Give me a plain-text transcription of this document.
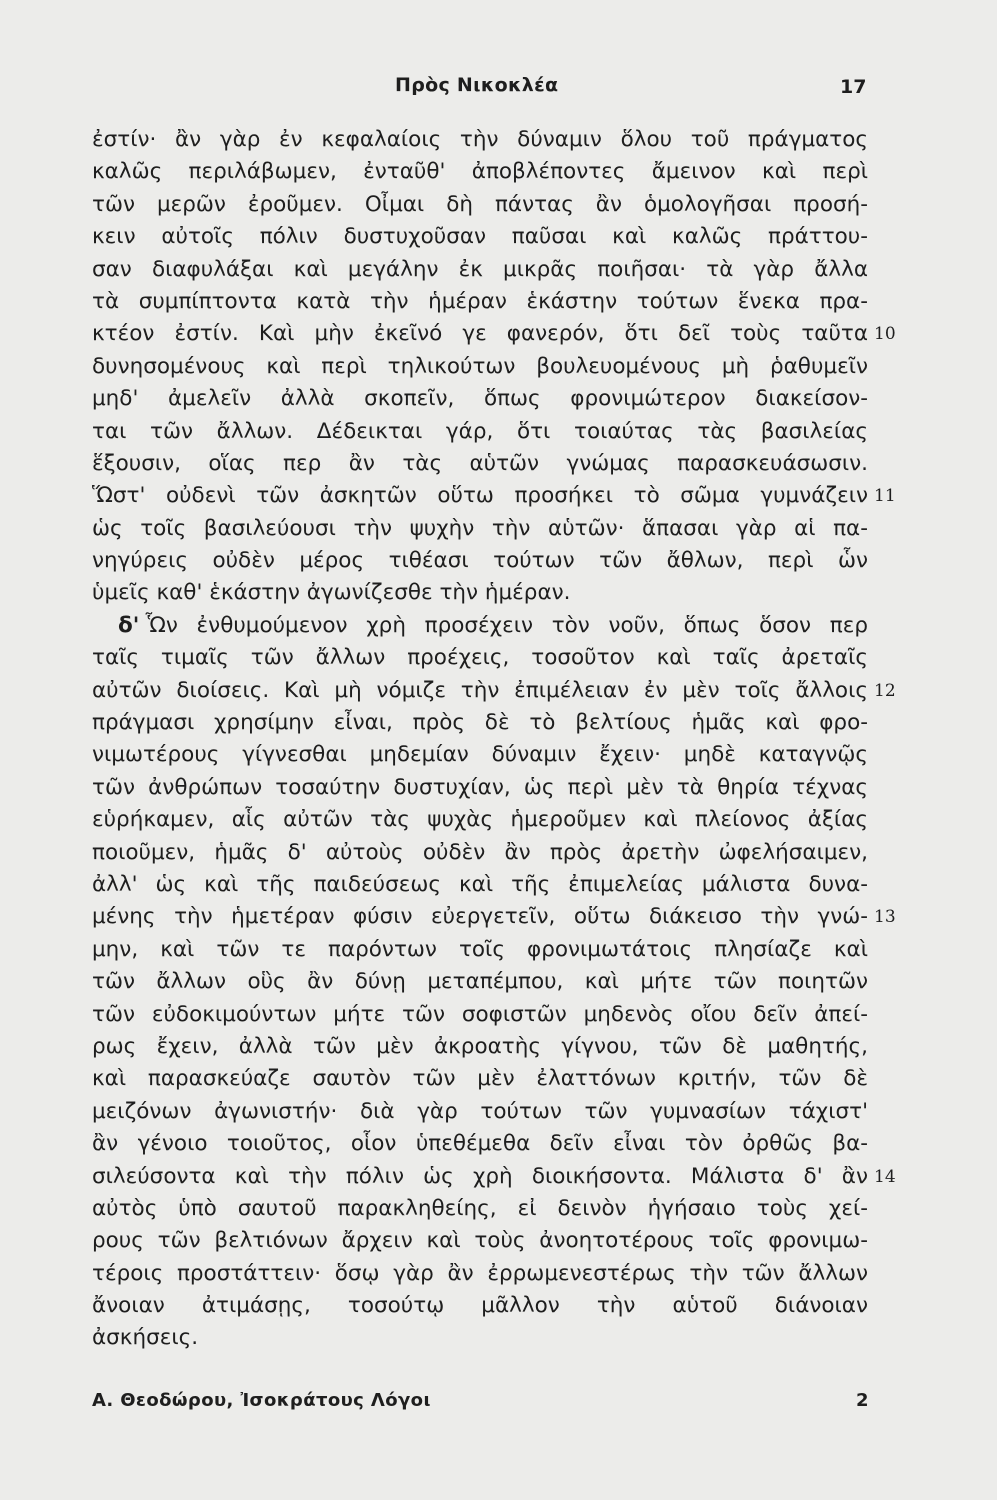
Πρὸς Νικοκλέα	17
ἐστίν· ἂν γὰρ ἐν κεφαλαίοις τὴν δύναμιν ὅλου τοῦ πράγματος
καλῶς περιλάβωμεν, ἐνταῦθ' ἀποβλέποντες ἄμεινον καὶ περὶ
τῶν μερῶν ἐροῦμεν. Οἶμαι δὴ πάντας ἂν ὁμολογῆσαι προσή-
κειν αὐτοῖς πόλιν δυστυχοῦσαν παῦσαι καὶ καλῶς πράττου-
σαν διαφυλάξαι καὶ μεγάλην ἐκ μικρᾶς ποιῆσαι· τὰ γὰρ ἄλλα
τὰ συμπίπτοντα κατὰ τὴν ἡμέραν ἑκάστην τούτων ἕνεκα πρα-
κτέον ἐστίν. Καὶ μὴν ἐκεῖνό γε φανερόν, ὅτι δεῖ τοὺς ταῦτα 10
δυνησομένους καὶ περὶ τηλικούτων βουλευομένους μὴ ῥαθυμεῖν
μηδ' ἀμελεῖν ἀλλὰ σκοπεῖν, ὅπως φρονιμώτερον διακείσον-
ται τῶν ἄλλων. Δέδεικται γάρ, ὅτι τοιαύτας τὰς βασιλείας
ἕξουσιν, οἵας περ ἂν τὰς αὑτῶν γνώμας παρασκευάσωσιν.
Ὥστ' οὐδενὶ τῶν ἀσκητῶν οὕτω προσήκει τὸ σῶμα γυμνάζειν 11
ὡς τοῖς βασιλεύουσι τὴν ψυχὴν τὴν αὑτῶν· ἅπασαι γὰρ αἱ πα-
νηγύρεις οὐδὲν μέρος τιθέασι τούτων τῶν ἄθλων, περὶ ὧν
ὑμεῖς καθ' ἑκάστην ἀγωνίζεσθε τὴν ἡμέραν.
δ' Ὧν ἐνθυμούμενον χρὴ προσέχειν τὸν νοῦν, ὅπως ὅσον περ
ταῖς τιμαῖς τῶν ἄλλων προέχεις, τοσοῦτον καὶ ταῖς ἀρεταῖς
αὐτῶν διοίσεις. Καὶ μὴ νόμιζε τὴν ἐπιμέλειαν ἐν μὲν τοῖς ἄλλοις 12
πράγμασι χρησίμην εἶναι, πρὸς δὲ τὸ βελτίους ἡμᾶς καὶ φρο-
νιμωτέρους γίγνεσθαι μηδεμίαν δύναμιν ἔχειν· μηδὲ καταγνῷς
τῶν ἀνθρώπων τοσαύτην δυστυχίαν, ὡς περὶ μὲν τὰ θηρία τέχνας
εὑρήκαμεν, αἷς αὐτῶν τὰς ψυχὰς ἡμεροῦμεν καὶ πλείονος ἀξίας
ποιοῦμεν, ἡμᾶς δ' αὐτοὺς οὐδὲν ἂν πρὸς ἀρετὴν ὠφελήσαιμεν,
ἀλλ' ὡς καὶ τῆς παιδεύσεως καὶ τῆς ἐπιμελείας μάλιστα δυνα-
μένης τὴν ἡμετέραν φύσιν εὐεργετεῖν, οὕτω διάκεισο τὴν γνώ- 13
μην, καὶ τῶν τε παρόντων τοῖς φρονιμωτάτοις πλησίαζε καὶ
τῶν ἄλλων οὓς ἂν δύνῃ μεταπέμπου, καὶ μήτε τῶν ποιητῶν
τῶν εὐδοκιμούντων μήτε τῶν σοφιστῶν μηδενὸς οἴου δεῖν ἀπεί-
ρως ἔχειν, ἀλλὰ τῶν μὲν ἀκροατὴς γίγνου, τῶν δὲ μαθητής,
καὶ παρασκεύαζε σαυτὸν τῶν μὲν ἐλαττόνων κριτήν, τῶν δὲ
μειζόνων ἀγωνιστήν· διὰ γὰρ τούτων τῶν γυμνασίων τάχιστ'
ἂν γένοιο τοιοῦτος, οἷον ὑπεθέμεθα δεῖν εἶναι τὸν ὀρθῶς βα-
σιλεύσοντα καὶ τὴν πόλιν ὡς χρὴ διοικήσοντα. Μάλιστα δ' ἂν 14
αὐτὸς ὑπὸ σαυτοῦ παρακληθείης, εἰ δεινὸν ἡγήσαιο τοὺς χεί-
ρους τῶν βελτιόνων ἄρχειν καὶ τοὺς ἀνοητοτέρους τοῖς φρονιμω-
τέροις προστάττειν· ὅσῳ γὰρ ἂν ἐρρωμενεστέρως τὴν τῶν ἄλλων
ἄνοιαν ἀτιμάσῃς, τοσούτῳ μᾶλλον τὴν αὑτοῦ διάνοιαν
ἀσκήσεις.
Α. Θεοδώρου, Ἰσοκράτους Λόγοι	2
